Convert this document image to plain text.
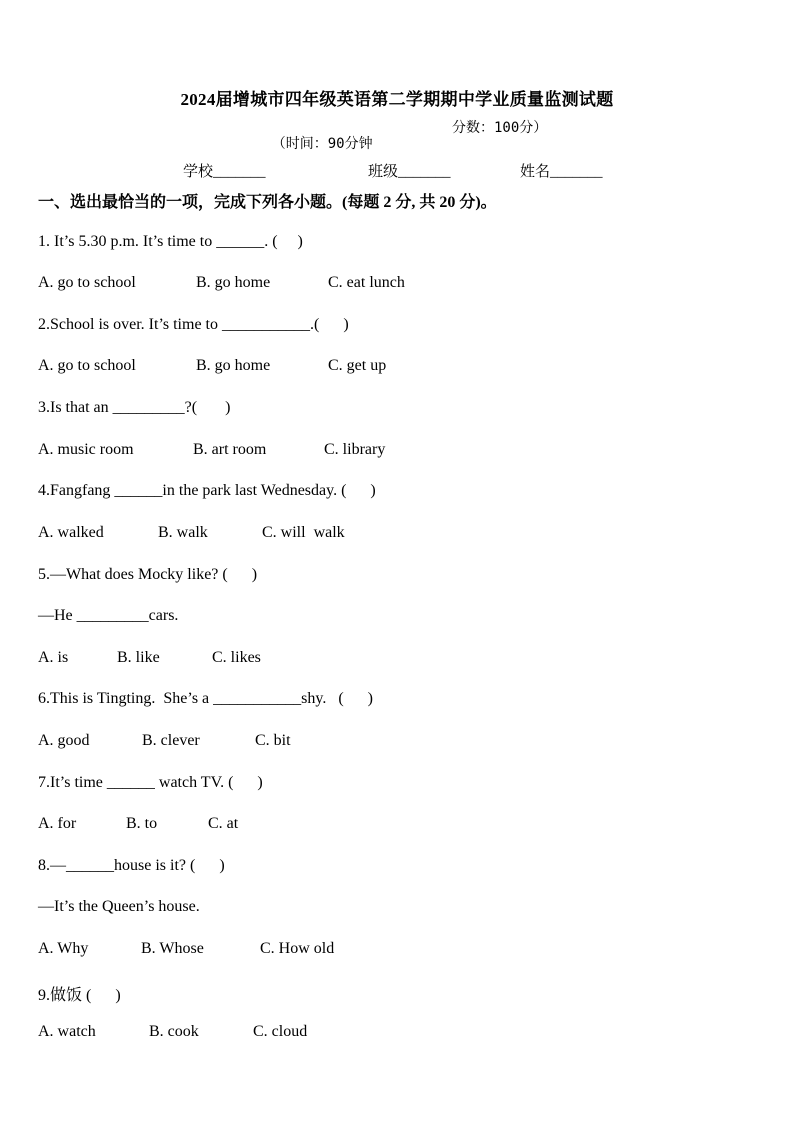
2024届增城市四年级英语第二学期期中学业质量监测试题

（时间：90分钟

分数：100分）

学校_______	班级_______	姓名_______
一、选出最恰当的一项，完成下列各小题。(每题 2 分, 共 20 分)。
1. It’s 5.30 p.m. It’s time to ______. (     )

A. go to school

	B. go home

	C. eat lunch

2.School is over. It’s time to ___________.(      )

A. go to school

	B. go home

	C. get up

3.Is that an _________?(       )

A. music room

	B. art room

	C. library

4.Fangfang ______in the park last Wednesday. (      )

A. walked

	B. walk

	C. will  walk

5.—What does Mocky like? (      )
—He _________cars.

A. is

	B. like

	C. likes

6.This is Tingting.  She’s a ___________shy.   (      )

A. good

	B. clever

	C. bit

7.It’s time ______ watch TV. (      )

A. for

	B. to

	C. at

8.—______house is it? (      )
—It’s the Queen’s house.

A. Why

	B. Whose

	C. How old

9.做饭 (      )

A. watch

	B. cook

	C. cloud
